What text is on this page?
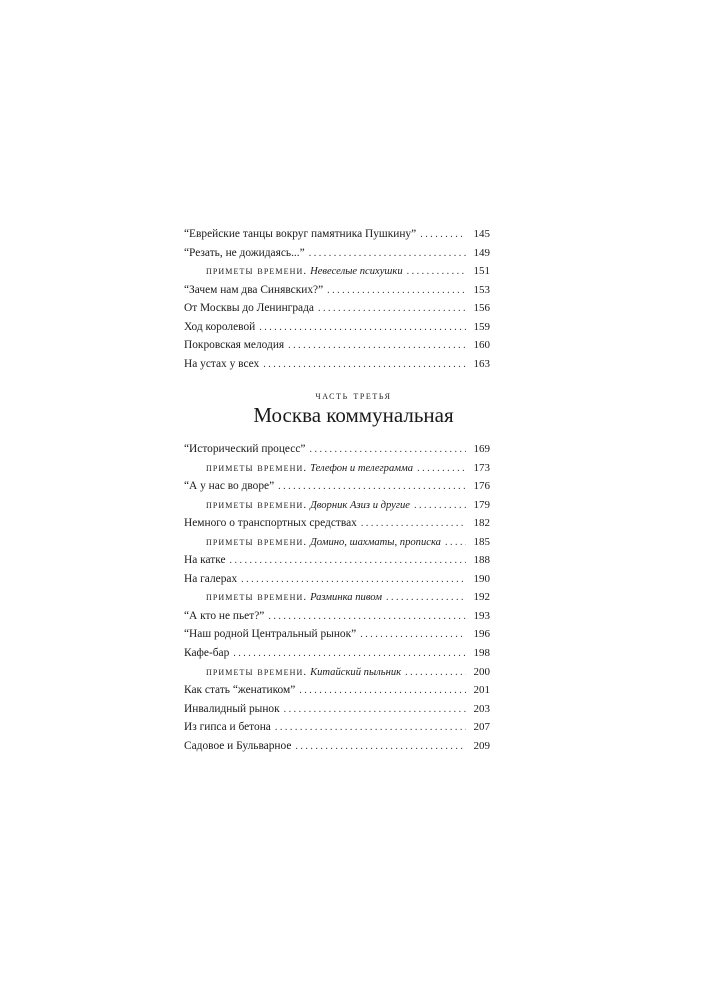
“Еврейские танцы вокруг памятника Пушкину” . . .	145
“Резать, не дожидаясь...” . . .	149
приметы времени. Невеселые психушки . . .	151
“Зачем нам два Синявских?” . . .	153
От Москвы до Ленинграда . . .	156
Ход королевой . . .	159
Покровская мелодия . . .	160
На устах у всех . . .	163
часть третья
Москва коммунальная
“Исторический процесс” . . .	169
приметы времени. Телефон и телеграмма . . .	173
“А у нас во дворе” . . .	176
приметы времени. Дворник Азиз и другие . . .	179
Немного о транспортных средствах . . .	182
приметы времени. Домино, шахматы, прописка . . .	185
На катке . . .	188
На галерах . . .	190
приметы времени. Разминка пивом . . .	192
“А кто не пьет?” . . .	193
“Наш родной Центральный рынок” . . .	196
Кафе-бар . . .	198
приметы времени. Китайский пыльник . . .	200
Как стать “женатиком” . . .	201
Инвалидный рынок . . .	203
Из гипса и бетона . . .	207
Садовое и Бульварное . . .	209
